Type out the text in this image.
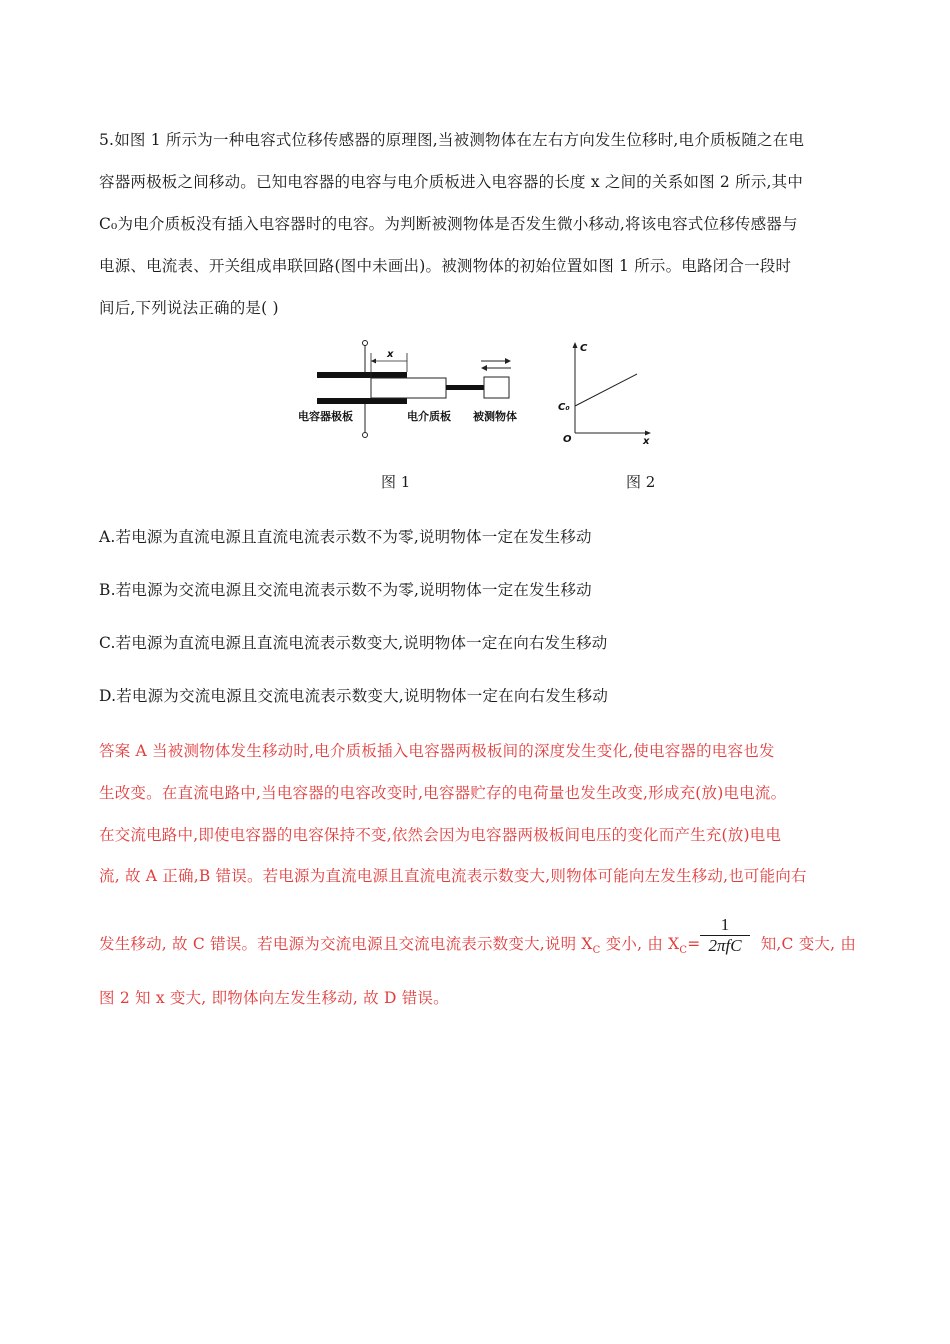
5.如图 1 所示为一种电容式位移传感器的原理图,当被测物体在左右方向发生位移时,电介质板随之在电
容器两极板之间移动。已知电容器的电容与电介质板进入电容器的长度 x 之间的关系如图 2 所示,其中
C₀为电介质板没有插入电容器时的电容。为判断被测物体是否发生微小移动,将该电容式位移传感器与
电源、电流表、开关组成串联回路(图中未画出)。被测物体的初始位置如图 1 所示。电路闭合一段时
间后,下列说法正确的是( )
x
电容器极板	电介质板 被测物体
C
x
O
C₀
图 1	图 2
A.若电源为直流电源且直流电流表示数不为零,说明物体一定在发生移动
B.若电源为交流电源且交流电流表示数不为零,说明物体一定在发生移动
C.若电源为直流电源且直流电流表示数变大,说明物体一定在向右发生移动
D.若电源为交流电源且交流电流表示数变大,说明物体一定在向右发生移动
答案 A 当被测物体发生移动时,电介质板插入电容器两极板间的深度发生变化,使电容器的电容也发
生改变。在直流电路中,当电容器的电容改变时,电容器贮存的电荷量也发生改变,形成充(放)电电流。
在交流电路中,即使电容器的电容保持不变,依然会因为电容器两极板间电压的变化而产生充(放)电电
流, 故 A 正确,B 错误。若电源为直流电源且直流电流表示数变大,则物体可能向左发生移动,也可能向右
发生移动, 故 C 错误。若电源为交流电源且交流电流表示数变大,说明 $X_C$ 变小, 由 $X_C=$	知,C 变大, 由
1
2πfC
图 2 知 x 变大, 即物体向左发生移动, 故 D 错误。
